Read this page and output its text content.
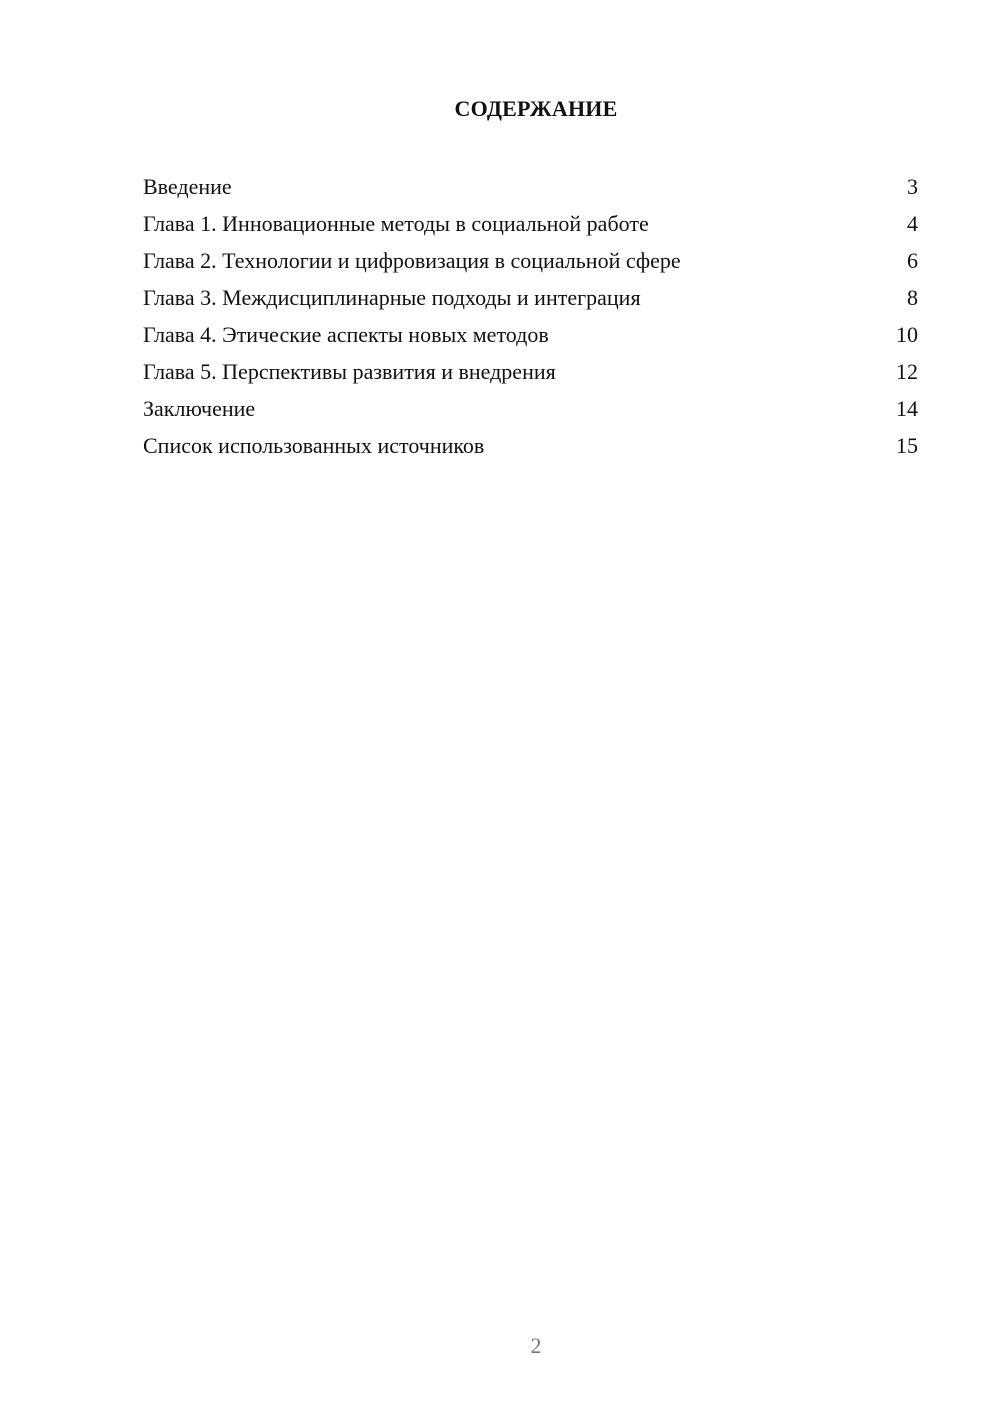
СОДЕРЖАНИЕ
Введение	3
Глава 1. Инновационные методы в социальной работе	4
Глава 2. Технологии и цифровизация в социальной сфере	6
Глава 3. Междисциплинарные подходы и интеграция	8
Глава 4. Этические аспекты новых методов	10
Глава 5. Перспективы развития и внедрения	12
Заключение	14
Список использованных источников	15
2
